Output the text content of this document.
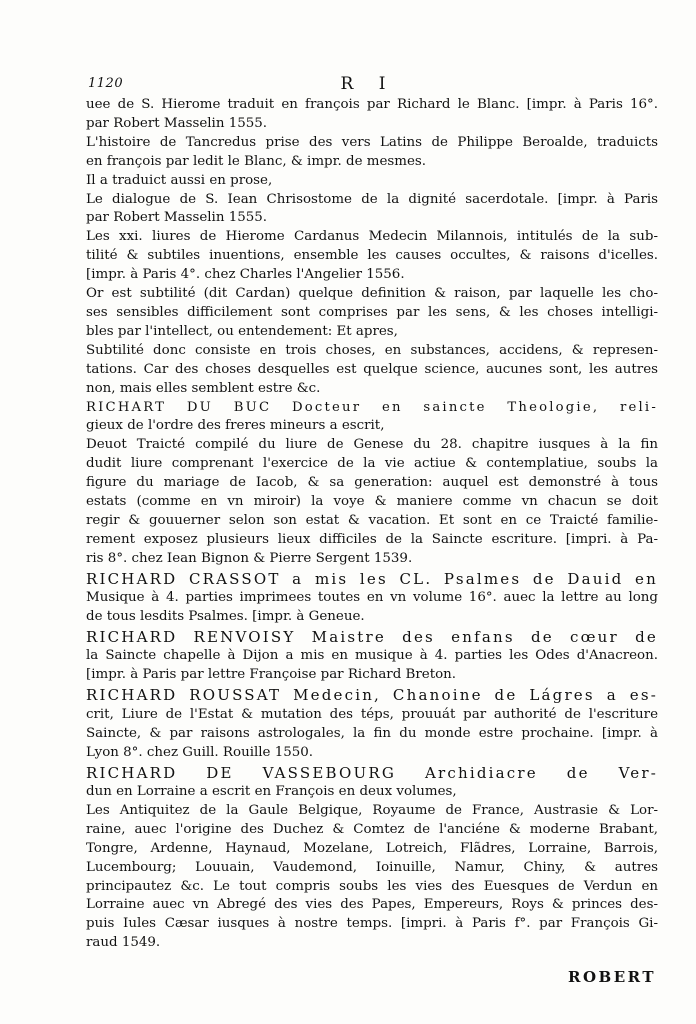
1120	R I
uee de S. Hierome traduit en françois par Richard le Blanc. [impr. à Paris 16°.
par Robert Masselin 1555.
L'histoire de Tancredus prise des vers Latins de Philippe Beroalde, traduicts
en françois par ledit le Blanc, & impr. de mesmes.
Il a traduict aussi en prose,
Le dialogue de S. Iean Chrisostome de la dignité sacerdotale. [impr. à Paris
par Robert Masselin 1555.
Les xxi. liures de Hierome Cardanus Medecin Milannois, intitulés de la sub-
tilité & subtiles inuentions, ensemble les causes occultes, & raisons d'icelles.
[impr. à Paris 4°. chez Charles l'Angelier 1556.
Or est subtilité (dit Cardan) quelque definition & raison, par laquelle les cho-
ses sensibles difficilement sont comprises par les sens, & les choses intelligi-
bles par l'intellect, ou entendement: Et apres,
Subtilité donc consiste en trois choses, en substances, accidens, & represen-
tations. Car des choses desquelles est quelque science, aucunes sont, les autres
non, mais elles semblent estre &c.
RICHART DU BUC Docteur en saincte Theologie, reli-
gieux de l'ordre des freres mineurs a escrit,
Deuot Traicté compilé du liure de Genese du 28. chapitre iusques à la fin
dudit liure comprenant l'exercice de la vie actiue & contemplatiue, soubs la
figure du mariage de Iacob, & sa generation: auquel est demonstré à tous
estats (comme en vn miroir) la voye & maniere comme vn chacun se doit
regir & gouuerner selon son estat & vacation. Et sont en ce Traicté familie-
rement exposez plusieurs lieux difficiles de la Saincte escriture. [impri. à Pa-
ris 8°. chez Iean Bignon & Pierre Sergent 1539.
RICHARD CRASSOT a mis les CL. Psalmes de Dauid en
Musique à 4. parties imprimees toutes en vn volume 16°. auec la lettre au long
de tous lesdits Psalmes. [impr. à Geneue.
RICHARD RENVOISY Maistre des enfans de cœur de
la Saincte chapelle à Dijon a mis en musique à 4. parties les Odes d'Anacreon.
[impr. à Paris par lettre Françoise par Richard Breton.
RICHARD ROUSSAT Medecin, Chanoine de Lágres a es-
crit, Liure de l'Estat & mutation des téps, prouuát par authorité de l'escriture
Saincte, & par raisons astrologales, la fin du monde estre prochaine. [impr. à
Lyon 8°. chez Guill. Rouille 1550.
RICHARD DE VASSEBOURG Archidiacre de Ver-
dun en Lorraine a escrit en François en deux volumes,
Les Antiquitez de la Gaule Belgique, Royaume de France, Austrasie & Lor-
raine, auec l'origine des Duchez & Comtez de l'anciéne & moderne Brabant,
Tongre, Ardenne, Haynaud, Mozelane, Lotreich, Flãdres, Lorraine, Barrois,
Lucembourg; Louuain, Vaudemond, Ioinuille, Namur, Chiny, & autres
principautez &c. Le tout compris soubs les vies des Euesques de Verdun en
Lorraine auec vn Abregé des vies des Papes, Empereurs, Roys & princes des-
puis Iules Cæsar iusques à nostre temps. [impri. à Paris f°. par François Gi-
raud 1549.
ROBERT
